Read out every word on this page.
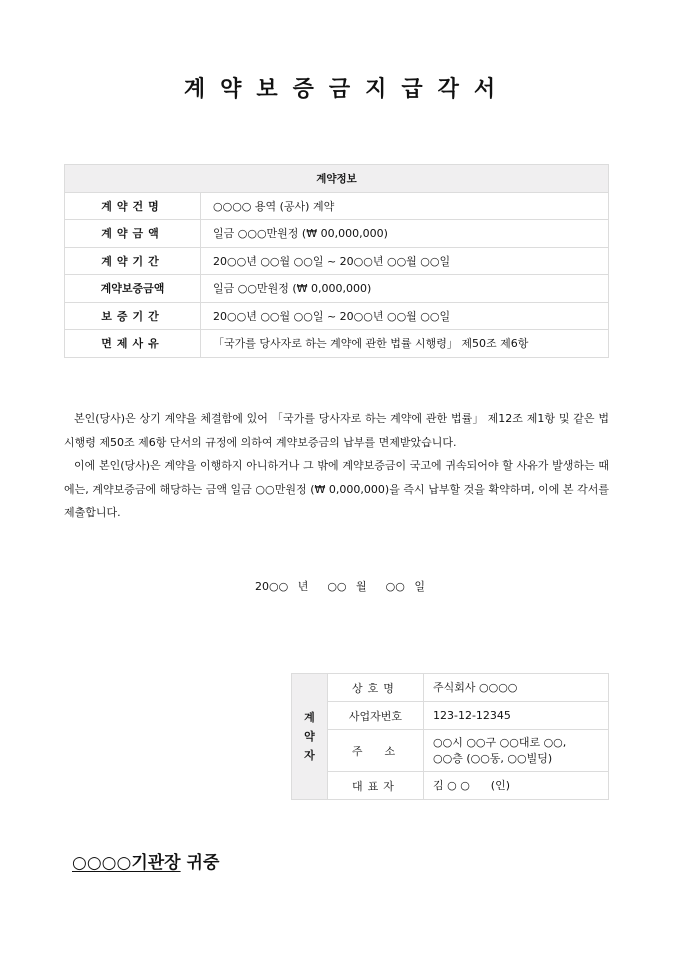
계약보증금지급각서
계약정보	
계약건명	○○○○ 용역 (공사) 계약
계약금액	일금 ○○○만원정 (₩ 00,000,000)
계약기간	20○○년 ○○월 ○○일 ~ 20○○년 ○○월 ○○일
계약보증금액	일금 ○○만원정 (₩ 0,000,000)
보증기간	20○○년 ○○월 ○○일 ~ 20○○년 ○○월 ○○일
면제사유	「국가를 당사자로 하는 계약에 관한 법률 시행령」 제50조 제6항

본인(당사)은 상기 계약을 체결함에 있어 「국가를 당사자로 하는 계약에 관한 법률」 제12조 제1항 및 같은 법 시행령 제50조 제6항 단서의 규정에 의하여 계약보증금의 납부를 면제받았습니다.

이에 본인(당사)은 계약을 이행하지 아니하거나 그 밖에 계약보증금이 국고에 귀속되어야 할 사유가 발생하는 때에는, 계약보증금에 해당하는 금액 일금 ○○만원정 (₩ 0,000,000)을 즉시 납부할 것을 확약하며, 이에 본 각서를 제출합니다.

20○○ 년  ○○ 월  ○○ 일
계
약
자	상호명	주식회사 ○○○○
	사업자번호	123-12-12345
	주소	○○시 ○○구 ○○대로 ○○,
○○층 (○○동, ○○빌딩)

	대표자	김 ○ ○      (인)
○○○○기관장 귀중
